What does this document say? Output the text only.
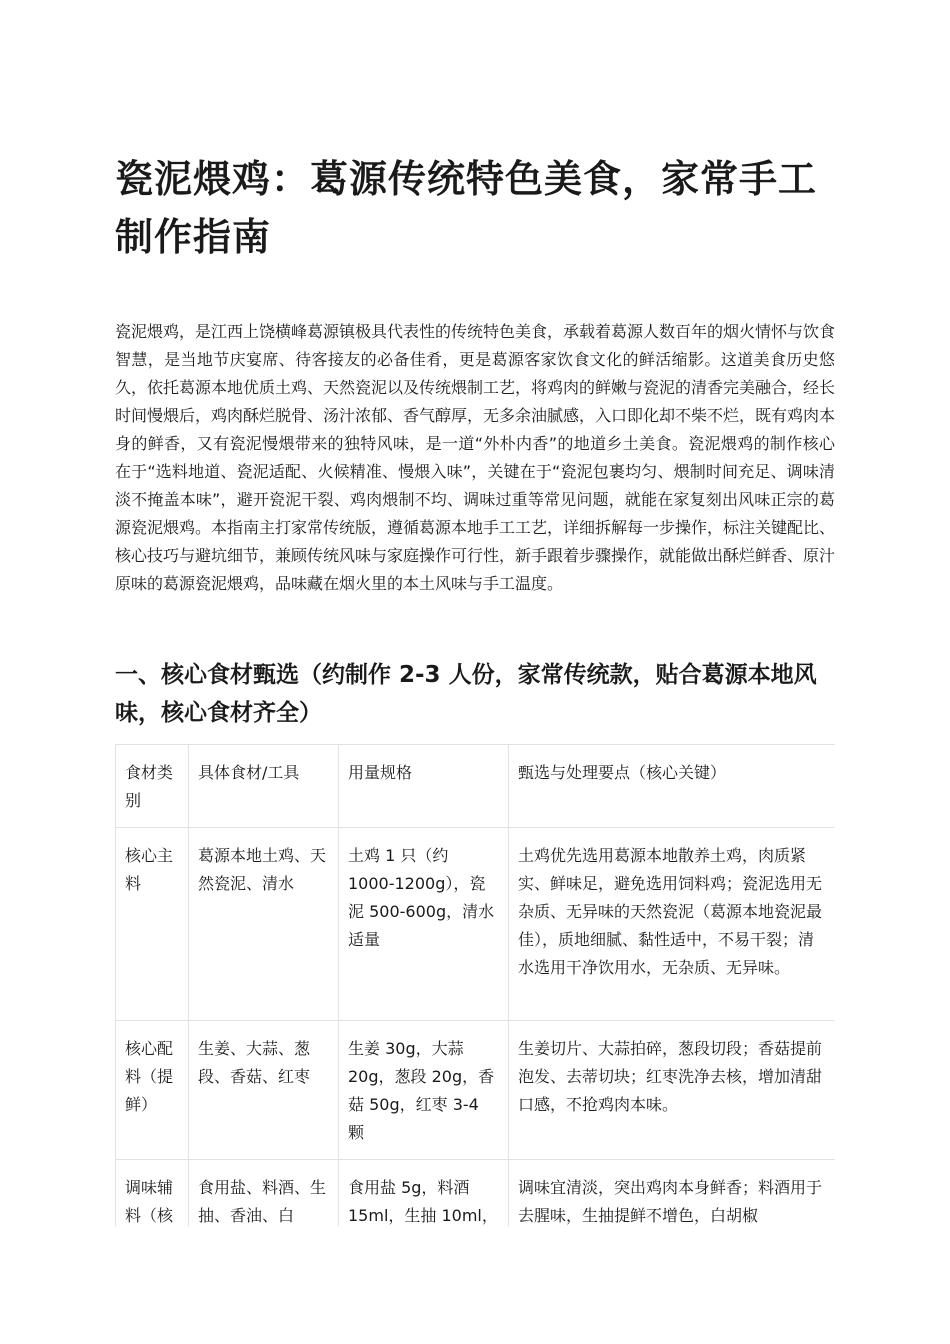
瓷泥煨鸡：葛源传统特色美食，家常手工制作指南

瓷泥煨鸡，是江西上饶横峰葛源镇极具代表性的传统特色美食，承载着葛源人数百年的烟火情怀与饮食智慧，是当地节庆宴席、待客接友的必备佳肴，更是葛源客家饮食文化的鲜活缩影。这道美食历史悠久，依托葛源本地优质土鸡、天然瓷泥以及传统煨制工艺，将鸡肉的鲜嫩与瓷泥的清香完美融合，经长时间慢煨后，鸡肉酥烂脱骨、汤汁浓郁、香气醇厚，无多余油腻感，入口即化却不柴不烂，既有鸡肉本身的鲜香，又有瓷泥慢煨带来的独特风味，是一道“外朴内香”的地道乡土美食。瓷泥煨鸡的制作核心在于“选料地道、瓷泥适配、火候精准、慢煨入味”，关键在于“瓷泥包裹均匀、煨制时间充足、调味清淡不掩盖本味”，避开瓷泥干裂、鸡肉煨制不均、调味过重等常见问题，就能在家复刻出风味正宗的葛源瓷泥煨鸡。本指南主打家常传统版，遵循葛源本地手工工艺，详细拆解每一步操作，标注关键配比、核心技巧与避坑细节，兼顾传统风味与家庭操作可行性，新手跟着步骤操作，就能做出酥烂鲜香、原汁原味的葛源瓷泥煨鸡，品味藏在烟火里的本土风味与手工温度。

一、核心食材甄选（约制作 2-3 人份，家常传统款，贴合葛源本地风味，核心食材齐全）
食材类别	具体食材/工具	用量规格	甄选与处理要点（核心关键）
核心主料	葛源本地土鸡、天然瓷泥、清水	土鸡 1 只（约 1000-1200g），瓷泥 500-600g，清水适量	土鸡优先选用葛源本地散养土鸡，肉质紧实、鲜味足，避免选用饲料鸡；瓷泥选用无杂质、无异味的天然瓷泥（葛源本地瓷泥最佳），质地细腻、黏性适中，不易干裂；清水选用干净饮用水，无杂质、无异味。
核心配料（提鲜）	生姜、大蒜、葱段、香菇、红枣	生姜 30g，大蒜 20g，葱段 20g，香菇 50g，红枣 3-4 颗	生姜切片、大蒜拍碎，葱段切段；香菇提前泡发、去蒂切块；红枣洗净去核，增加清甜口感，不抢鸡肉本味。
调味辅料（核	食用盐、料酒、生抽、香油、白	食用盐 5g，料酒 15ml，生抽 10ml，	调味宜清淡，突出鸡肉本身鲜香；料酒用于去腥味，生抽提鲜不增色，白胡椒
